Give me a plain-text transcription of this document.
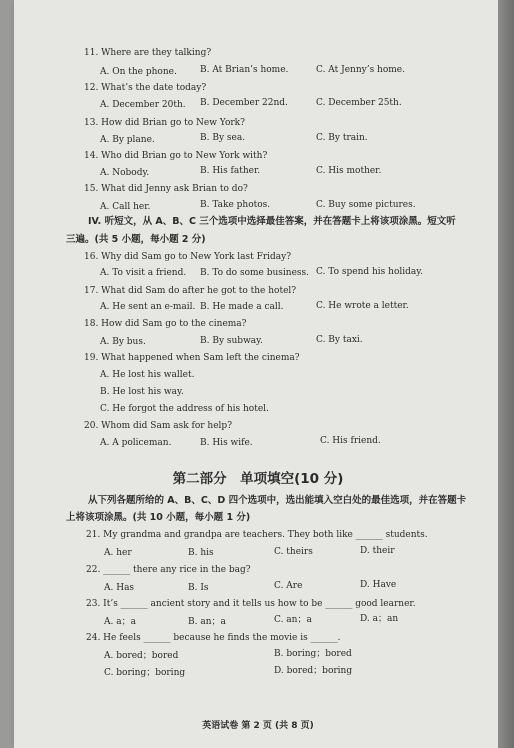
11. Where are they talking?
A. On the phone.	B. At Brian’s home.	C. At Jenny’s home.
12. What’s the date today?
A. December 20th. B. December 22nd.	C. December 25th.
13. How did Brian go to New York?
A. By plane.	B. By sea.	C. By train.
14. Who did Brian go to New York with?
A. Nobody.	B. His father.	C. His mother.
15. What did Jenny ask Brian to do?
A. Call her.	B. Take photos.	C. Buy some pictures.
IV. 听短文，从 A、B、C 三个选项中选择最佳答案，并在答题卡上将该项涂黑。短文听
三遍。(共 5 小题，每小题 2 分)
16. Why did Sam go to New York last Friday?
A. To visit a friend. B. To do some business. C. To spend his holiday.
17. What did Sam do after he got to the hotel?
A. He sent an e-mail. B. He made a call.	C. He wrote a letter.
18. How did Sam go to the cinema?
A. By bus.	B. By subway.	C. By taxi.
19. What happened when Sam left the cinema?
A. He lost his wallet.
B. He lost his way.
C. He forgot the address of his hotel.
20. Whom did Sam ask for help?
A. A policeman.	B. His wife.	C. His friend.
第二部分　单项填空(10 分)
从下列各题所给的 A、B、C、D 四个选项中，选出能填入空白处的最佳选项，并在答题卡
上将该项涂黑。(共 10 小题，每小题 1 分)
21. My grandma and grandpa are teachers. They both like ______ students.
A. her	B. his	C. theirs	D. their
22. ______ there any rice in the bag?
A. Has	B. Is	C. Are	D. Have
23. It’s ______ ancient story and it tells us how to be ______ good learner.
A. a；a	B. an；a	C. an；a	D. a；an
24. He feels ______ because he finds the movie is ______.
A. bored；bored	B. boring；bored
C. boring；boring	D. bored；boring
英语试卷 第 2 页 (共 8 页)
